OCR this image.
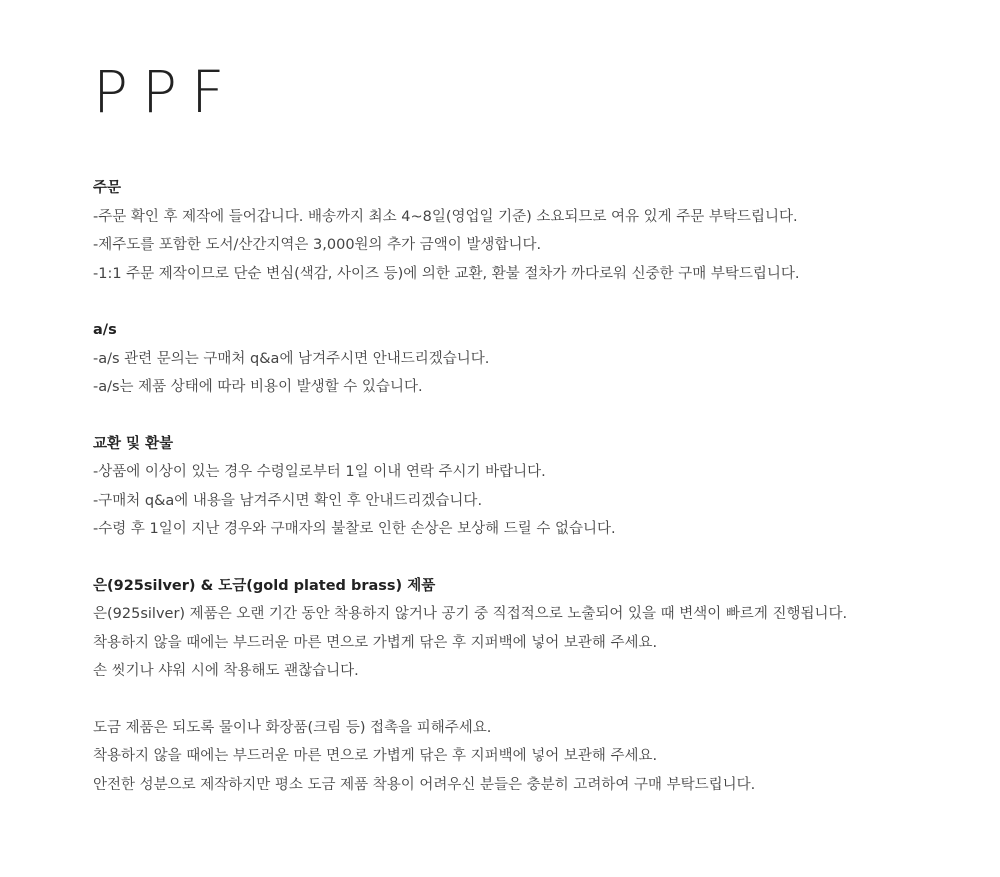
PPF
주문
-주문 확인 후 제작에 들어갑니다. 배송까지 최소 4~8일(영업일 기준) 소요되므로 여유 있게 주문 부탁드립니다.
-제주도를 포함한 도서/산간지역은 3,000원의 추가 금액이 발생합니다.
-1:1 주문 제작이므로 단순 변심(색감, 사이즈 등)에 의한 교환, 환불 절차가 까다로워 신중한 구매 부탁드립니다.
a/s
-a/s 관련 문의는 구매처 q&a에 남겨주시면 안내드리겠습니다.
-a/s는 제품 상태에 따라 비용이 발생할 수 있습니다.
교환 및 환불
-상품에 이상이 있는 경우 수령일로부터 1일 이내 연락 주시기 바랍니다.
-구매처 q&a에 내용을 남겨주시면 확인 후 안내드리겠습니다.
-수령 후 1일이 지난 경우와 구매자의 불찰로 인한 손상은 보상해 드릴 수 없습니다.
은(925silver) & 도금(gold plated brass) 제품
은(925silver) 제품은 오랜 기간 동안 착용하지 않거나 공기 중 직접적으로 노출되어 있을 때 변색이 빠르게 진행됩니다.
착용하지 않을 때에는 부드러운 마른 면으로 가볍게 닦은 후 지퍼백에 넣어 보관해 주세요.
손 씻기나 샤워 시에 착용해도 괜찮습니다.
도금 제품은 되도록 물이나 화장품(크림 등) 접촉을 피해주세요.
착용하지 않을 때에는 부드러운 마른 면으로 가볍게 닦은 후 지퍼백에 넣어 보관해 주세요.
안전한 성분으로 제작하지만 평소 도금 제품 착용이 어려우신 분들은 충분히 고려하여 구매 부탁드립니다.
